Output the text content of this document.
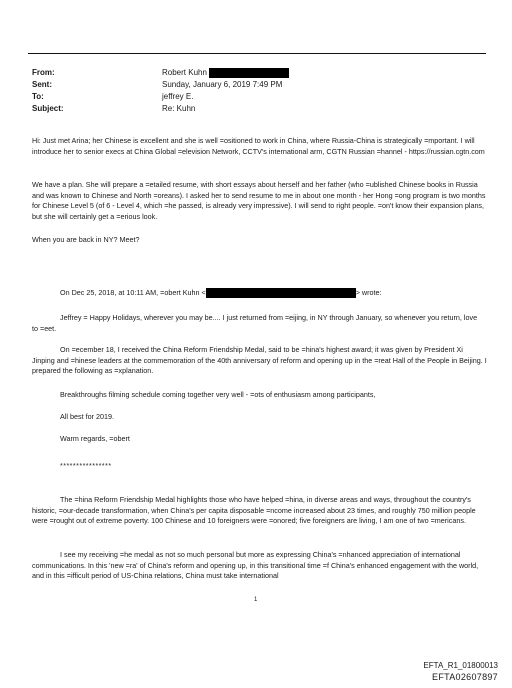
From:	Robert Kuhn
Sent:	Sunday, January 6, 2019 7:49 PM
To:	jeffrey E.
Subject:	Re: Kuhn
Hi: Just met Arina; her Chinese is excellent and she is well =ositioned to work in China, where Russia-China is strategically =mportant. I will introduce her to senior execs at China Global =elevision Network, CCTV's international arm, CGTN Russian =hannel - https://russian.cgtn.com
We have a plan. She will prepare a =etailed resume, with short essays about herself and her father (who =ublished Chinese books in Russia and was known to Chinese and North =oreans). I asked her to send resume to me in about one month - her Hong =ong program is two months for Chinese Level 5 (of 6 - Level 4, which =he passed, is already very impressive). I will send to right people. =on't know their expansion plans, but she will certainly get a =erious look.
When you are back in NY? Meet?
On Dec 25, 2018, at 10:11 AM, =obert Kuhn <	> wrote:
Jeffrey = Happy Holidays, wherever you may be.... I just returned from =eijing, in NY through January, so whenever you return, love to =eet.
On =ecember 18, I received the China Reform Friendship Medal, said to be =hina's highest award; it was given by President Xi Jinping and =hinese leaders at the commemoration of the 40th anniversary of reform and opening up in the =reat Hall of the People in Beijing. I prepared the following as =xplanation.
Breakthroughs filming schedule coming together very well - =ots of enthusiasm among participants,
All best for 2019.
Warm regards, =obert
****************
The =hina Reform Friendship Medal highlights those who have helped =hina, in diverse areas and ways, throughout the country's historic, =our-decade transformation, when China's per capita disposable =ncome increased about 23 times, and roughly 750 million people were =rought out of extreme poverty. 100 Chinese and 10 foreigners were =onored; five foreigners are living, I am one of two =mericans.
I see my receiving =he medal as not so much personal but more as expressing China's =nhanced appreciation of international communications. In this 'new =ra' of China's reform and opening up, in this transitional time =f China's enhanced engagement with the world, and in this =ifficult period of US-China relations, China must take international
1
EFTA_R1_01800013
EFTA02607897
